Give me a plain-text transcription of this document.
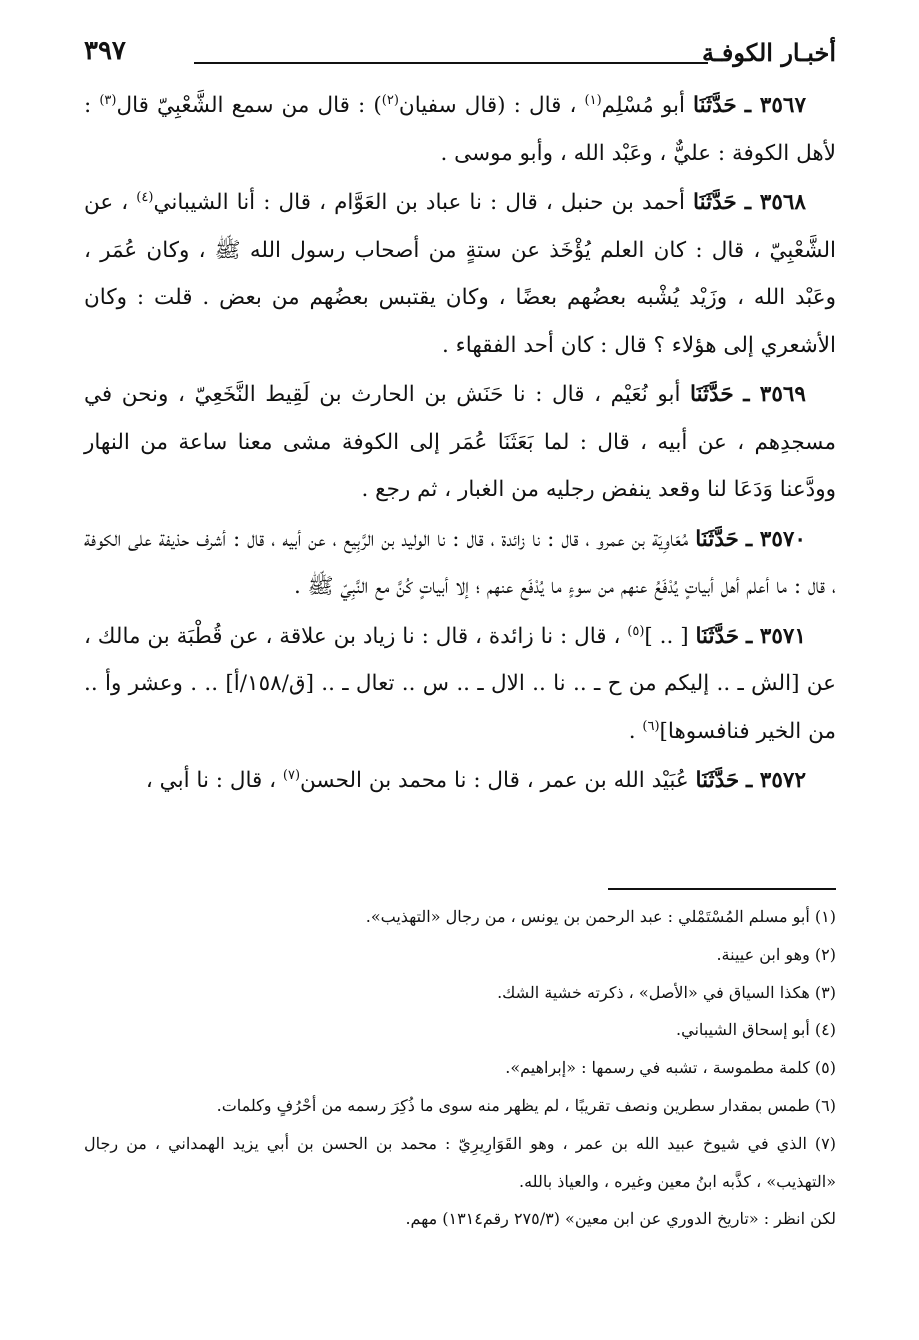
٣٩٧	أخبـار الكوفـة

٣٥٦٧ ـ حَدَّثَنَا أبو مُسْلِم$^{(١)}$ ، قال : (قال سفيان$^{(٢)}$) : قال من سمع الشَّعْبِيّ قال$^{(٣)}$ : لأهل الكوفة : عليٌّ ، وعَبْد الله ، وأبو موسى .

٣٥٦٨ ـ حَدَّثَنَا أحمد بن حنبل ، قال : نا عباد بن العَوَّام ، قال : أنا الشيباني$^{(٤)}$ ، عن الشَّعْبِيّ ، قال : كان العلم يُؤْخَذ عن ستةٍ من أصحاب رسول الله ﷺ ، وكان عُمَر ، وعَبْد الله ، وزَيْد يُشْبه بعضُهم بعضًا ، وكان يقتبس بعضُهم من بعض . قلت : وكان الأشعري إلى هؤلاء ؟ قال : كان أحد الفقهاء .

٣٥٦٩ ـ حَدَّثَنَا أبو نُعَيْم ، قال : نا حَنَش بن الحارث بن لَقِيط النَّخَعِيّ ، ونحن في مسجدِهم ، عن أبيه ، قال : لما بَعَثَنَا عُمَر إلى الكوفة مشى معنا ساعة من النهار وودَّعنا وَدَعَا لنا وقعد ينفض رجليه من الغبار ، ثم رجع .

٣٥٧٠ ـ حَدَّثَنَا مُعَاوِيَة بن عمرو ، قال : نا زائدة ، قال : نا الوليد بن الرَّبِيع ، عن أبيه ، قال : أشرف حذيفة على الكوفة ، قال : ما أعلم أهل أبياتٍ يُدْفَعُ عنهم من سوءٍ ما يُدْفَع عنهم ؛ إلا أبياتٍ كُنَّ مع النَّبِيّ ﷺ .

٣٥٧١ ـ حَدَّثَنَا [ .. ]$^{(٥)}$ ، قال : نا زائدة ، قال : نا زياد بن علاقة ، عن قُطْبَة بن مالك ، عن [الش ـ .. إليكم من ح ـ .. نا .. الال ـ .. س .. تعال ـ .. [ق/١٥٨/أ] .. . وعشر وأ .. من الخير فنافسوها]$^{(٦)}$ .

٣٥٧٢ ـ حَدَّثَنَا عُبَيْد الله بن عمر ، قال : نا محمد بن الحسن$^{(٧)}$ ، قال : نا أبي ،

(١) أبو مسلم المُسْتَمْلي : عبد الرحمن بن يونس ، من رجال «التهذيب».

(٢) وهو ابن عيينة.

(٣) هكذا السياق في «الأصل» ، ذكرته خشية الشك.

(٤) أبو إسحاق الشيباني.

(٥) كلمة مطموسة ، تشبه في رسمها : «إبراهيم».

(٦) طمس بمقدار سطرين ونصف تقريبًا ، لم يظهر منه سوى ما ذُكِرَ رسمه من أحْرُفٍ وكلمات.

(٧) الذي في شيوخ عبيد الله بن عمر ، وهو القَوَارِيرِيّ : محمد بن الحسن بن أبي يزيد الهمداني ، من رجال «التهذيب» ، كذَّبه ابنُ معين وغيره ، والعياذ بالله.

لكن انظر : «تاريخ الدوري عن ابن معين» (٢٧٥/٣ رقم١٣١٤) مهم.
